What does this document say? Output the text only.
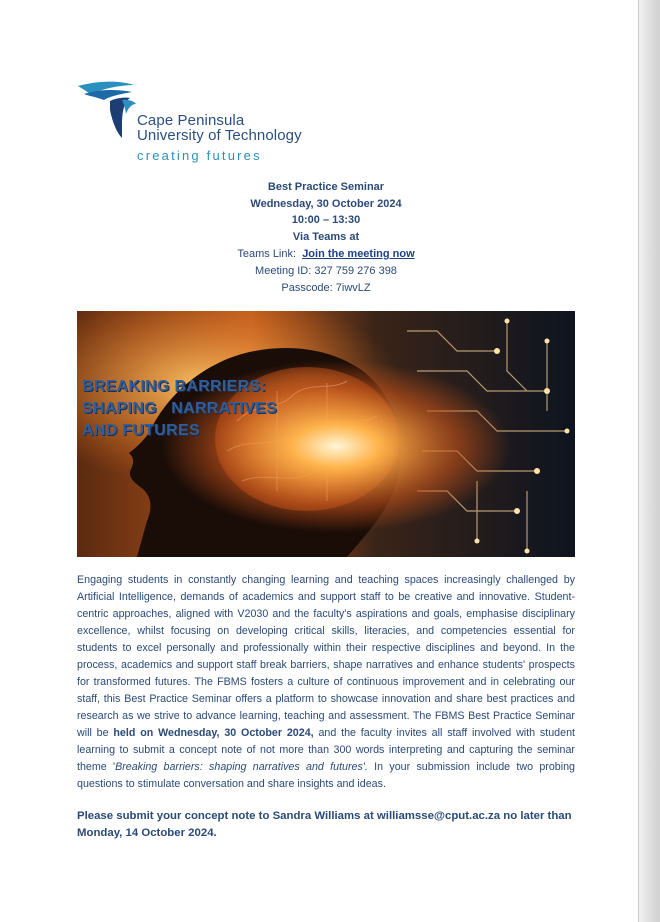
Cape Peninsula
University of Technology
creating futures
Best Practice Seminar
Wednesday, 30 October 2024
10:00 – 13:30
Via Teams at
Teams Link: Join the meeting now
Meeting ID: 327 759 276 398
Passcode: 7iwvLZ
BREAKING BARRIERS:
SHAPING   NARRATIVES
AND FUTURES
Engaging students in constantly changing learning and teaching spaces increasingly challenged by Artificial Intelligence, demands of academics and support staff to be creative and innovative. Student-centric approaches, aligned with V2030 and the faculty's aspirations and goals, emphasise disciplinary excellence, whilst focusing on developing critical skills, literacies, and competencies essential for students to excel personally and professionally within their respective disciplines and beyond. In the process, academics and support staff break barriers, shape narratives and enhance students' prospects for transformed futures. The FBMS fosters a culture of continuous improvement and in celebrating our staff, this Best Practice Seminar offers a platform to showcase innovation and share best practices and research as we strive to advance learning, teaching and assessment. The FBMS Best Practice Seminar will be held on Wednesday, 30 October 2024, and the faculty invites all staff involved with student learning to submit a concept note of not more than 300 words interpreting and capturing the seminar theme 'Breaking barriers: shaping narratives and futures'. In your submission include two probing questions to stimulate conversation and share insights and ideas.
Please submit your concept note to Sandra Williams at williamsse@cput.ac.za no later than Monday, 14 October 2024.
